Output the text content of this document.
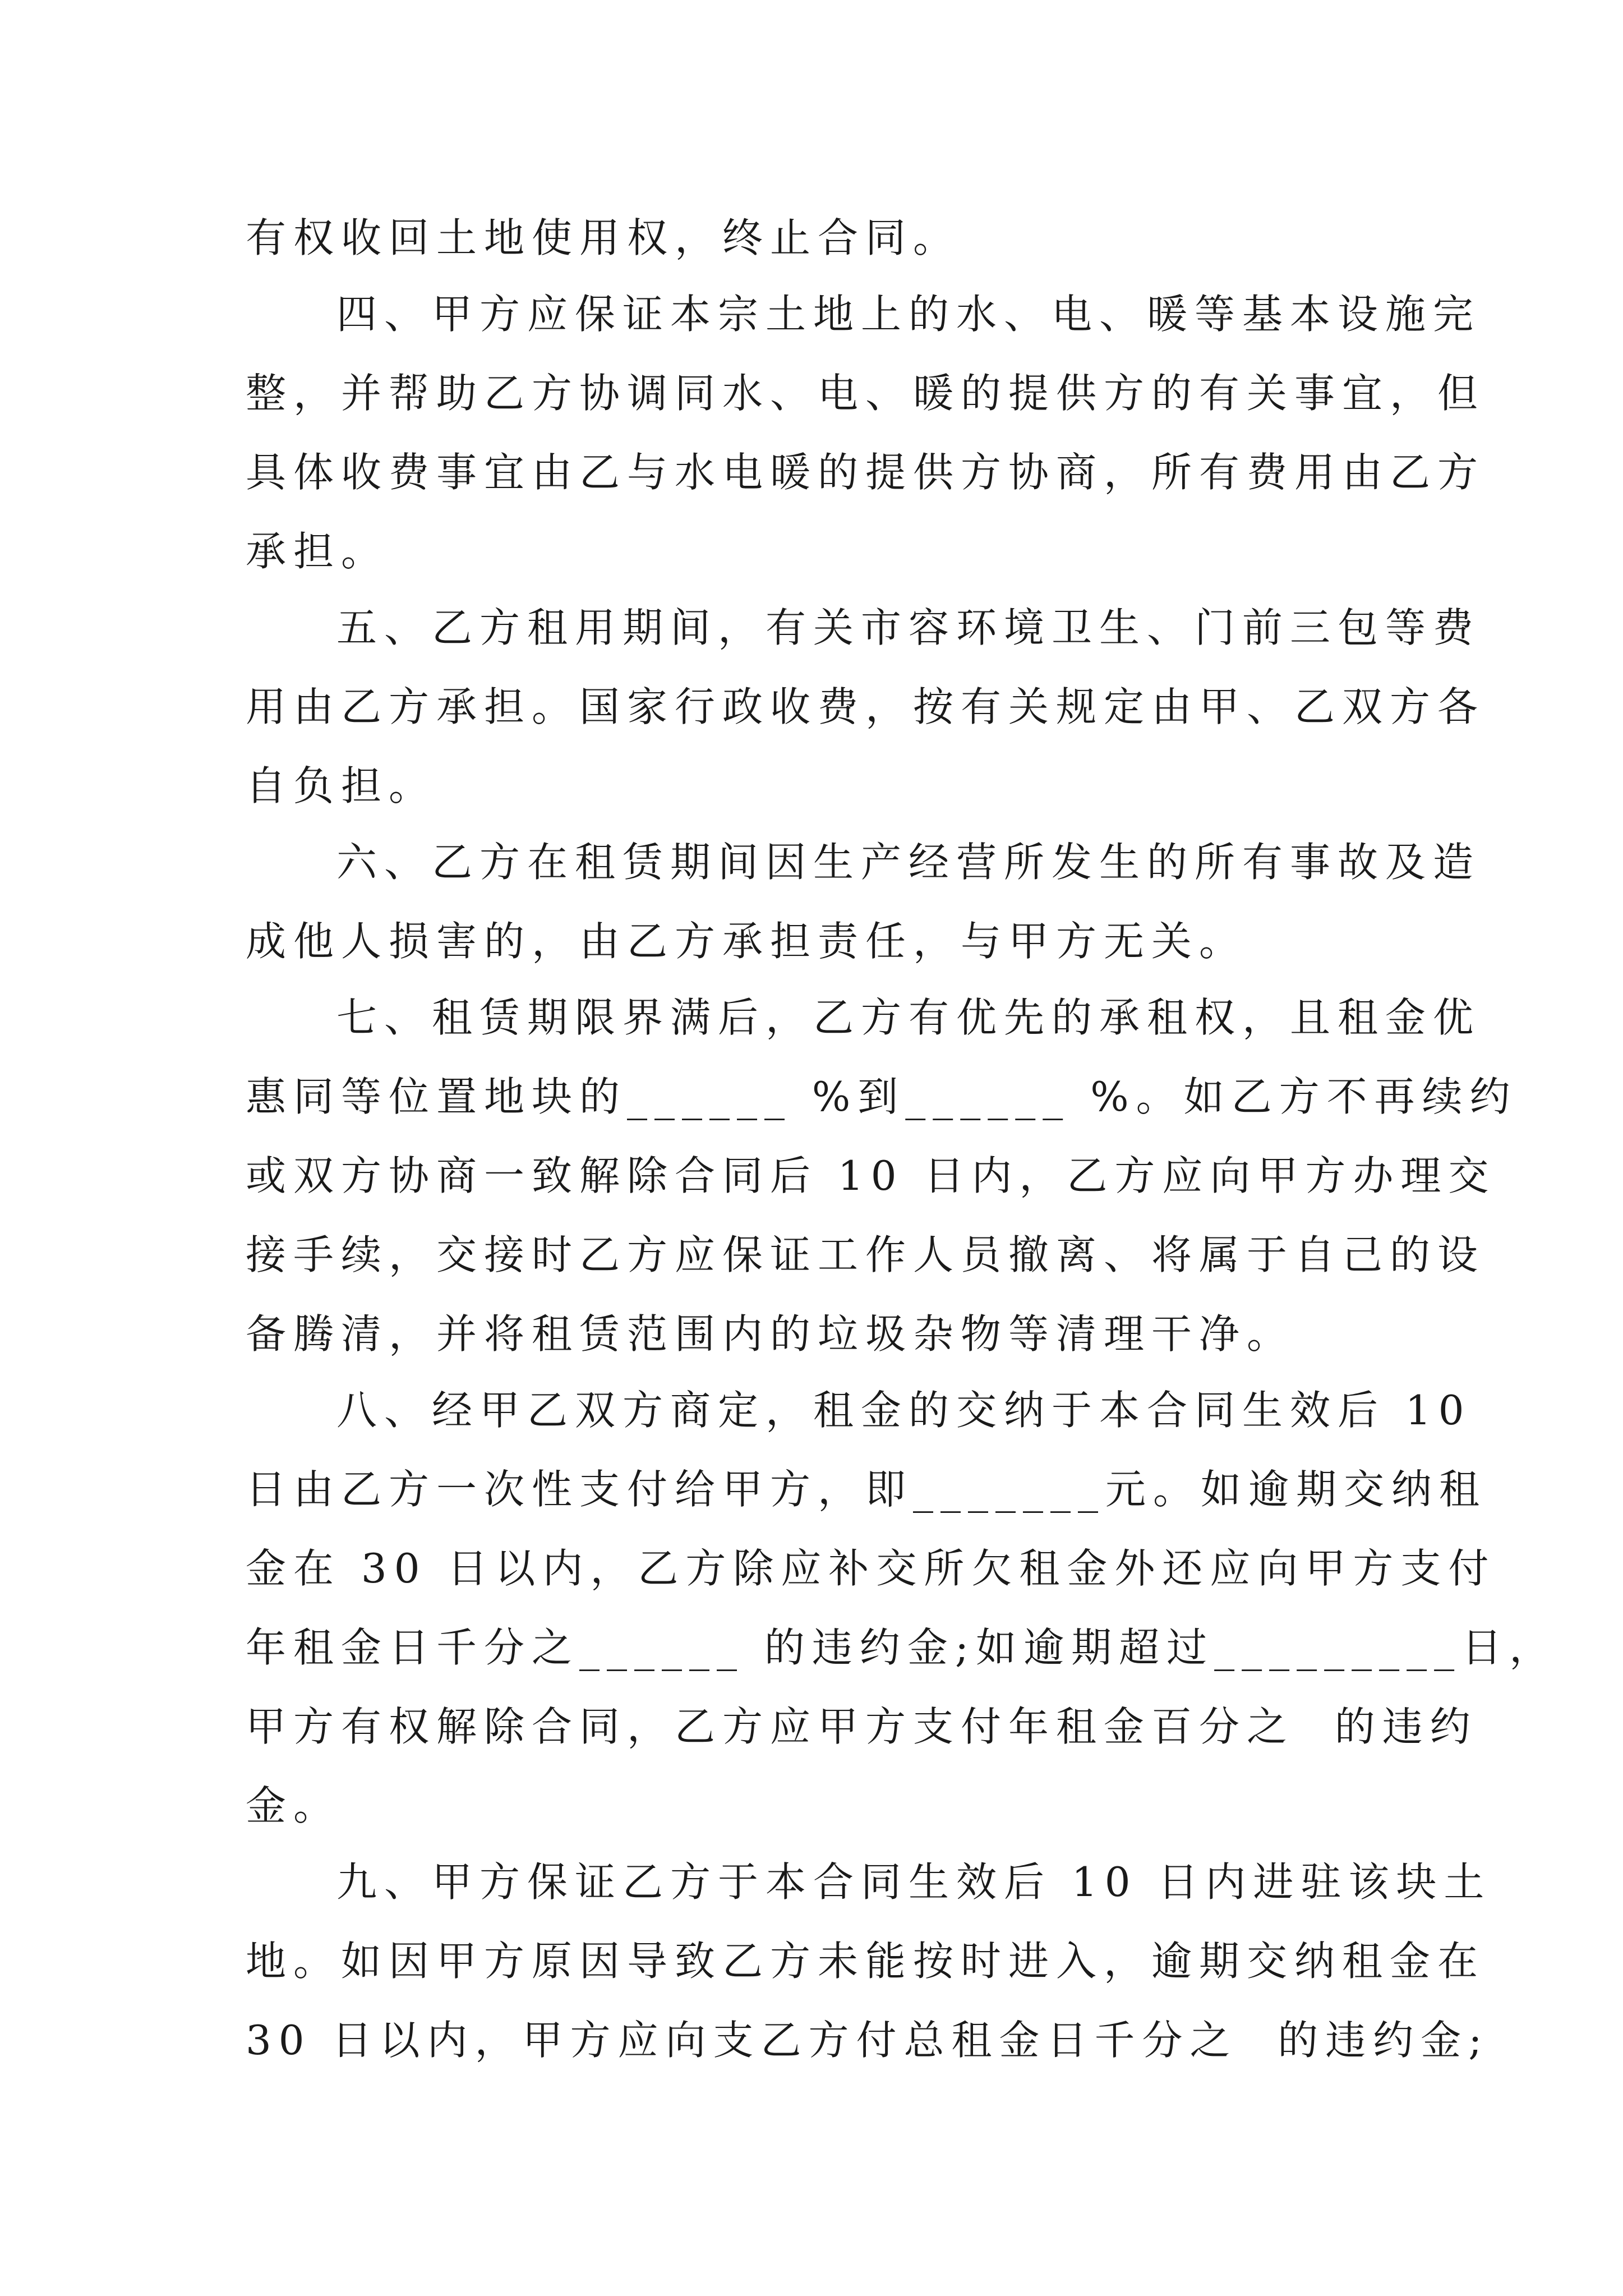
有权收回土地使用权，终止合同。
四、甲方应保证本宗土地上的水、电、暖等基本设施完
整，并帮助乙方协调同水、电、暖的提供方的有关事宜，但
具体收费事宜由乙与水电暖的提供方协商，所有费用由乙方
承担。
五、乙方租用期间，有关市容环境卫生、门前三包等费
用由乙方承担。国家行政收费，按有关规定由甲、乙双方各
自负担。
六、乙方在租赁期间因生产经营所发生的所有事故及造
成他人损害的，由乙方承担责任，与甲方无关。
七、租赁期限界满后，乙方有优先的承租权，且租金优
惠同等位置地块的______ %到______ %。如乙方不再续约
或双方协商一致解除合同后 10 日内，乙方应向甲方办理交
接手续，交接时乙方应保证工作人员撤离、将属于自己的设
备腾清，并将租赁范围内的垃圾杂物等清理干净。
八、经甲乙双方商定，租金的交纳于本合同生效后 10
日由乙方一次性支付给甲方，即_______元。如逾期交纳租
金在 30 日以内，乙方除应补交所欠租金外还应向甲方支付
年租金日千分之______ 的违约金;如逾期超过_________日，
甲方有权解除合同，乙方应甲方支付年租金百分之  的违约
金。
九、甲方保证乙方于本合同生效后 10 日内进驻该块土
地。如因甲方原因导致乙方未能按时进入，逾期交纳租金在
30 日以内，甲方应向支乙方付总租金日千分之  的违约金;
